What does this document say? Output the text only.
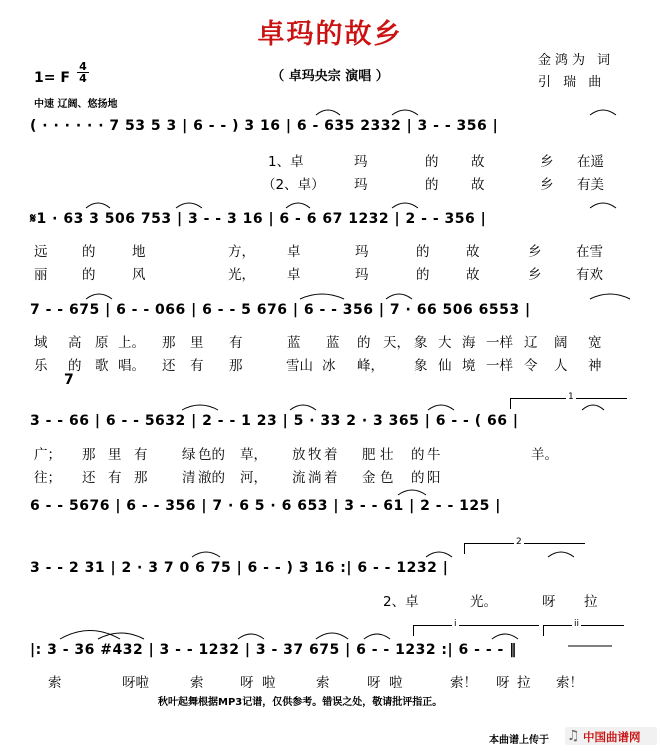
卓玛的故乡
（ 卓玛央宗 演唱 ）
金鸿为 词
引 瑞 曲
1= F
4
4
中速 辽阔、悠扬地
( · · · · · · 7 53 5 3 | 6 - - ) 3 16 | 6 - 635 2332 | 3 - - 356 |
𝄋1 · 63 3 506 753 | 3 - - 3 16 | 6 - 6 67 1232 | 2 - - 356 |
7 - - 675 | 6 - - 066 | 6 - - 5 676 | 6 - - 356 | 7 · 66 506 6553 |
3 - - 66 | 6 - - 5632 | 2 - - 1 23 | 5 · 33 2 · 3 365 | 6 - - ( 66 |
6 - - 5676 | 6 - - 356 | 7 · 6 5 · 6 653 | 3 - - 61 | 2 - - 125 |
3 - - 2 31 | 2 · 3 7 0 6 75 | 6 - - ) 3 16 :| 6 - - 1232 |
|: 3 - 36 #432 | 3 - - 1232 | 3 - 37 675 | 6 - - 1232 :| 6 - - - ‖
7
1
2
i	ii
1、卓	玛	的 故	乡 在遥
（2、卓） 玛	的 故	乡 有美
远	的	地	方， 卓	玛	的	故	乡	在雪
丽	的	风	光， 卓	玛	的	故	乡	有欢
域 高 原 上。 那 里 有	蓝 蓝 的 天， 象 大 海 一样 辽 阔 宽
乐 的 歌 唱。 还 有 那	雪山 冰 峰， 象 仙 境 一样 令 人 神
广； 那 里 有	绿 色的 草， 放 牧 着 肥 壮 的 牛	羊。
往； 还 有 那	清 澈的 河， 流 淌 着 金 色 的 阳
2、卓	光。	呀 拉
索	呀啦	索	呀 啦	索	呀 啦	索！ 呀 拉 索！
秋叶起舞根据MP3记谱，仅供参考。错误之处，敬请批评指正。
本曲谱上传于 ♫ 中国曲谱网
